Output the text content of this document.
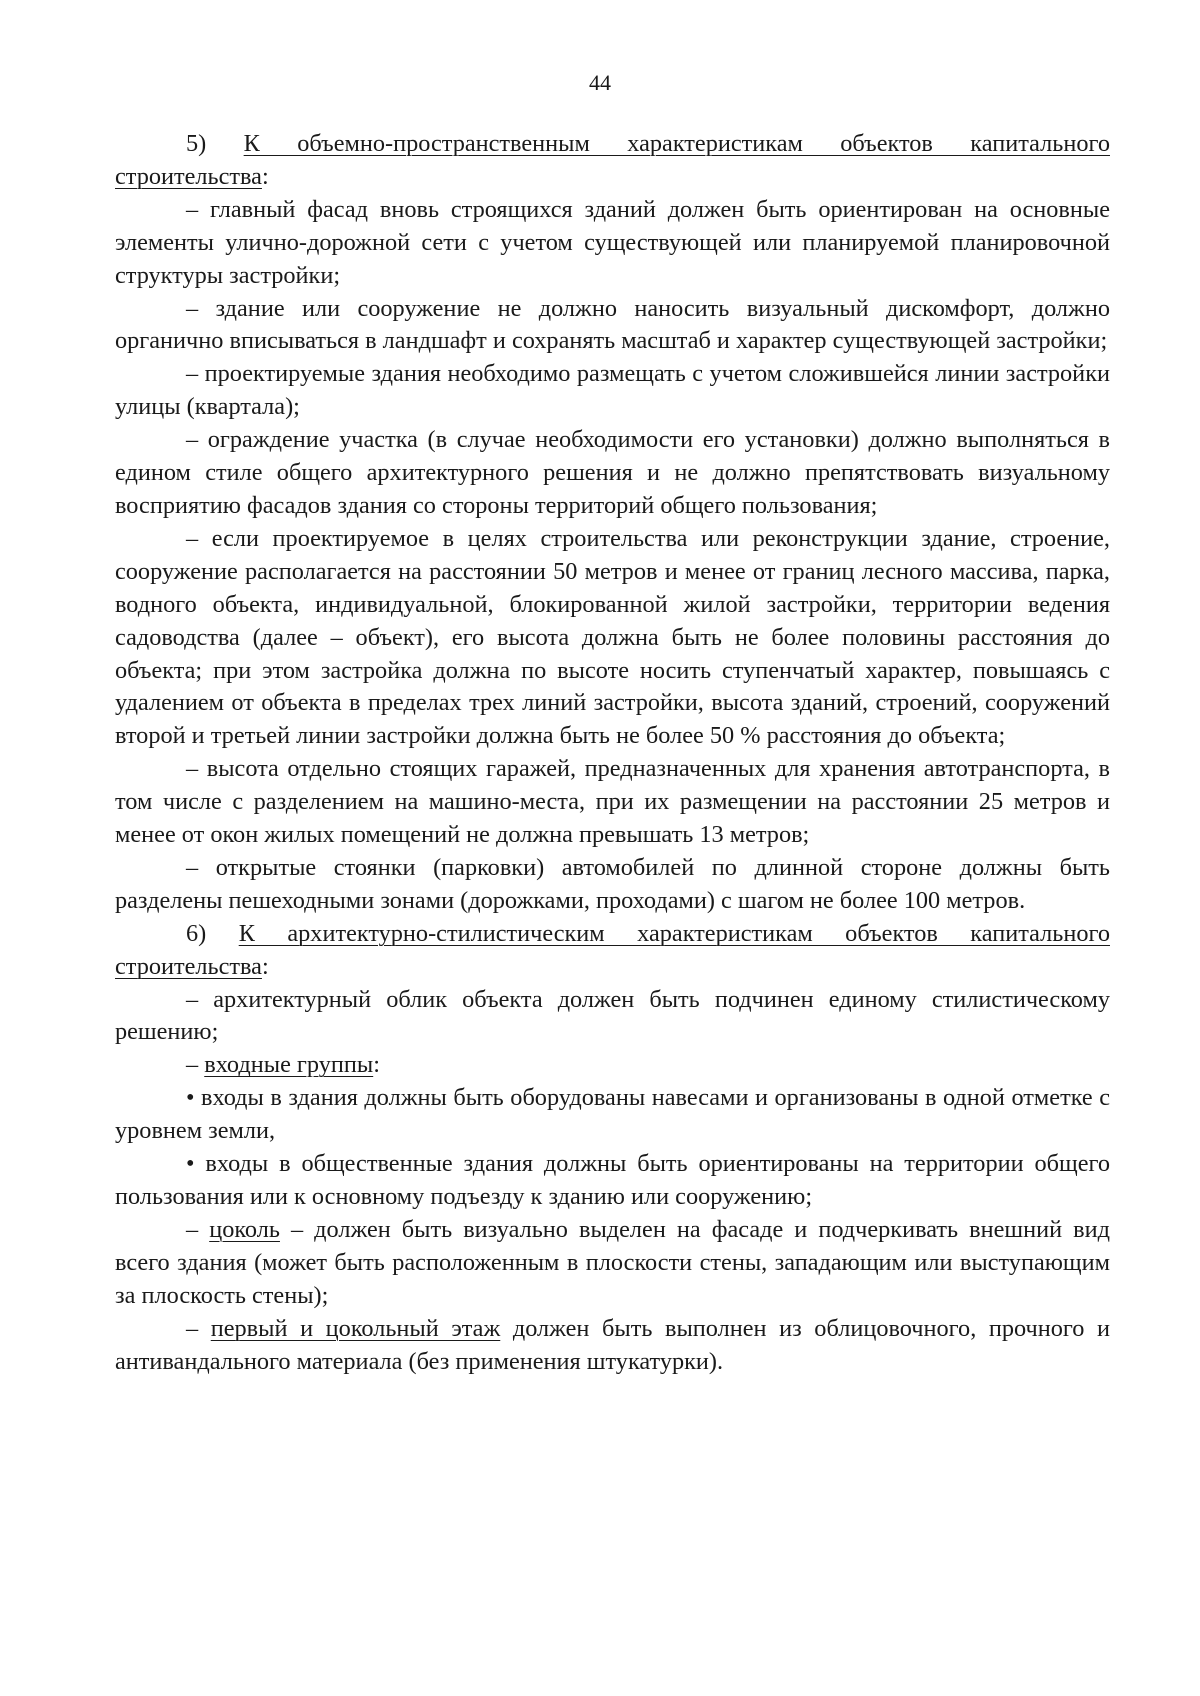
44

5) К объемно-пространственным характеристикам объектов капитального строительства:

– главный фасад вновь строящихся зданий должен быть ориентирован на основные элементы улично-дорожной сети с учетом существующей или планируемой планировочной структуры застройки;

– здание или сооружение не должно наносить визуальный дискомфорт, должно органично вписываться в ландшафт и сохранять масштаб и характер существующей застройки;

– проектируемые здания необходимо размещать с учетом сложившейся линии застройки улицы (квартала);

– ограждение участка (в случае необходимости его установки) должно выполняться в едином стиле общего архитектурного решения и не должно препятствовать визуальному восприятию фасадов здания со стороны территорий общего пользования;

– если проектируемое в целях строительства или реконструкции здание, строение, сооружение располагается на расстоянии 50 метров и менее от границ лесного массива, парка, водного объекта, индивидуальной, блокированной жилой застройки, территории ведения садоводства (далее – объект), его высота должна быть не более половины расстояния до объекта; при этом застройка должна по высоте носить ступенчатый характер, повышаясь с удалением от объекта в пределах трех линий застройки, высота зданий, строений, сооружений второй и третьей линии застройки должна быть не более 50 % расстояния до объекта;

– высота отдельно стоящих гаражей, предназначенных для хранения автотранспорта, в том числе с разделением на машино-места, при их размещении на расстоянии 25 метров и менее от окон жилых помещений не должна превышать 13 метров;

– открытые стоянки (парковки) автомобилей по длинной стороне должны быть разделены пешеходными зонами (дорожками, проходами) с шагом не более 100 метров.

6) К архитектурно-стилистическим характеристикам объектов капитального строительства:

– архитектурный облик объекта должен быть подчинен единому стилистическому решению;

– входные группы:

• входы в здания должны быть оборудованы навесами и организованы в одной отметке с уровнем земли,

• входы в общественные здания должны быть ориентированы на территории общего пользования или к основному подъезду к зданию или сооружению;

– цоколь – должен быть визуально выделен на фасаде и подчеркивать внешний вид всего здания (может быть расположенным в плоскости стены, западающим или выступающим за плоскость стены);

– первый и цокольный этаж должен быть выполнен из облицовочного, прочного и антивандального материала (без применения штукатурки).
